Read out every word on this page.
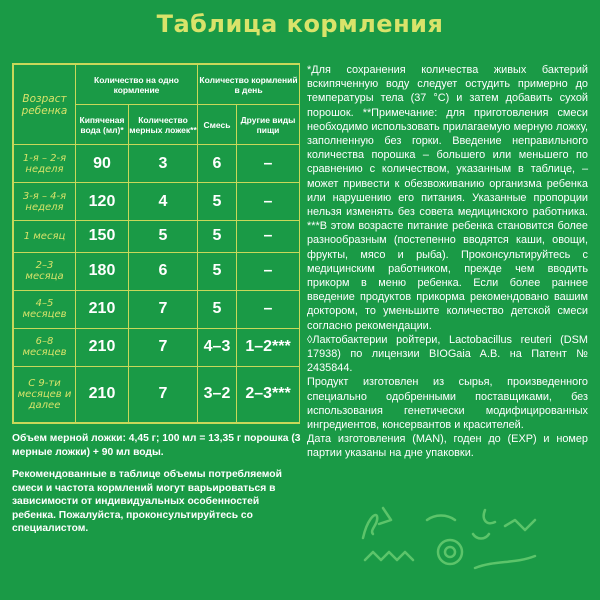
Таблица кормления
Возраст ребенка	Количество на одно кормление		Количество кормлений в день	
	Кипяченая вода (мл)*	Количество мерных ложек**	Смесь	Другие виды пищи
1-я – 2-я неделя	90	3	6	–
3-я – 4-я неделя	120	4	5	–
1 месяц	150	5	5	–
2–3 месяца	180	6	5	–
4–5 месяцев	210	7	5	–
6–8 месяцев	210	7	4–3	1–2***
С 9-ти месяцев и далее	210	7	3–2	2–3***

Объем мерной ложки: 4,45 г; 100 мл = 13,35 г порошка (3 мерные ложки) + 90 мл воды.

Рекомендованные в таблице объемы потребляемой смеси и частота кормлений могут варьироваться в зависимости от индивидуальных особенностей ребенка. Пожалуйста, проконсультируйтесь со специалистом.

*Для сохранения количества живых бактерий вскипяченную воду следует остудить примерно до температуры тела (37 °С) и затем добавить сухой порошок. **Примечание: для приготовления смеси необходимо использовать прилагаемую мерную ложку, заполненную без горки. Введение неправильного количества порошка – большего или меньшего по сравнению с количеством, указанным в таблице, – может привести к обезвоживанию организма ребенка или нарушению его питания. Указанные пропорции нельзя изменять без совета медицинского работника. ***В этом возрасте питание ребенка становится более разнообразным (постепенно вводятся каши, овощи, фрукты, мясо и рыба). Проконсультируйтесь с медицинским работником, прежде чем вводить прикорм в меню ребенка. Если более раннее введение продуктов прикорма рекомендовано вашим доктором, то уменьшите количество детской смеси согласно рекомендации.

◊Лактобактерии ройтери, Lactobacillus reuteri (DSM 17938) по лицензии BIOGaia A.B. на Патент № 2435844.

Продукт изготовлен из сырья, произведенного специально одобренными поставщиками, без использования генетически модифицированных ингредиентов, консервантов и красителей.

Дата изготовления (MAN), годен до (EXP) и номер партии указаны на дне упаковки.
